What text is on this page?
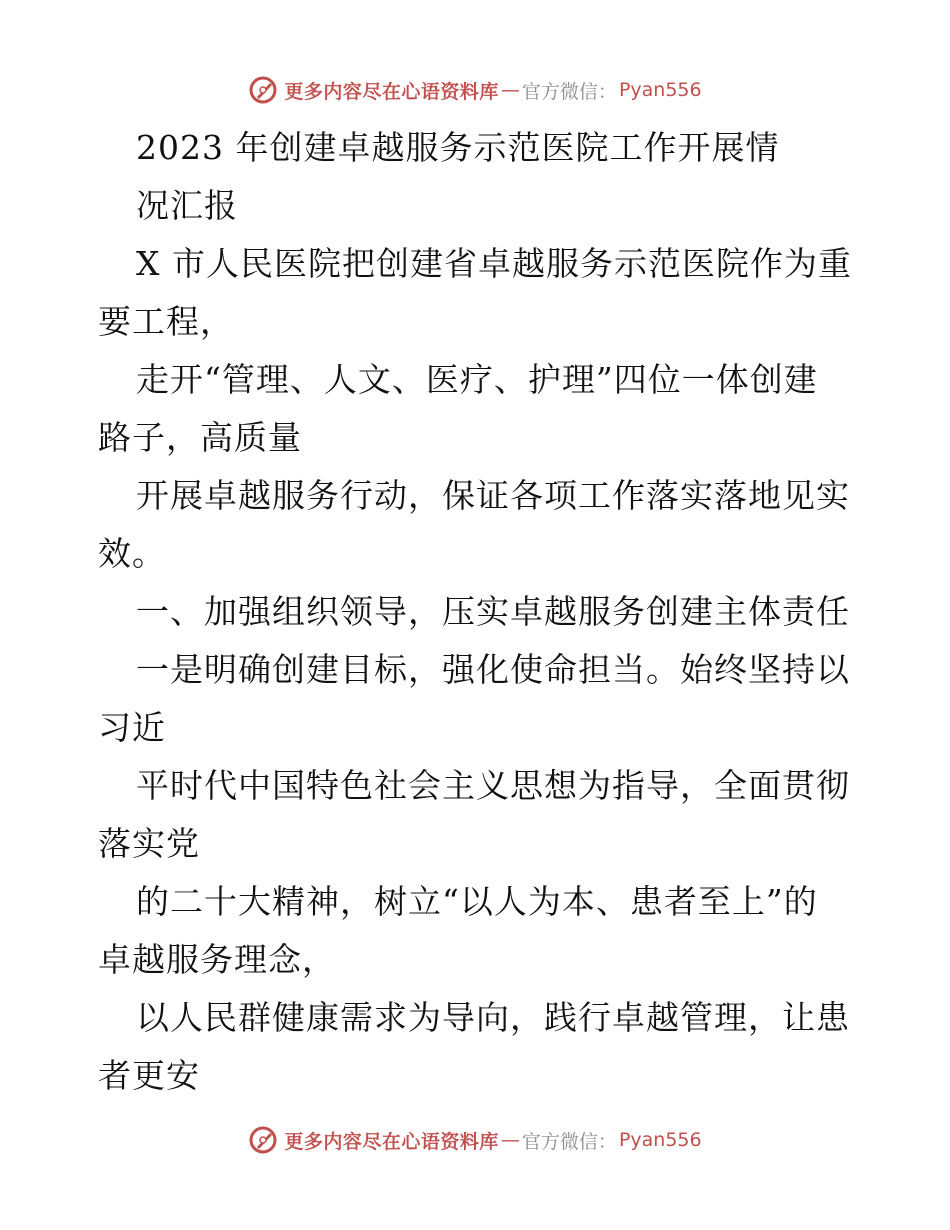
更多内容尽在心语资料库 — 官方微信： Pyan556
2023 年创建卓越服务示范医院工作开展情
况汇报
X 市人民医院把创建省卓越服务示范医院作为重
要工程，
走开“管理、人文、医疗、护理”四位一体创建
路子，高质量
开展卓越服务行动，保证各项工作落实落地见实
效。
一、加强组织领导，压实卓越服务创建主体责任
一是明确创建目标，强化使命担当。始终坚持以
习近
平时代中国特色社会主义思想为指导，全面贯彻
落实党
的二十大精神，树立“以人为本、患者至上”的
卓越服务理念，
以人民群健康需求为导向，践行卓越管理，让患
者更安
更多内容尽在心语资料库 — 官方微信： Pyan556
